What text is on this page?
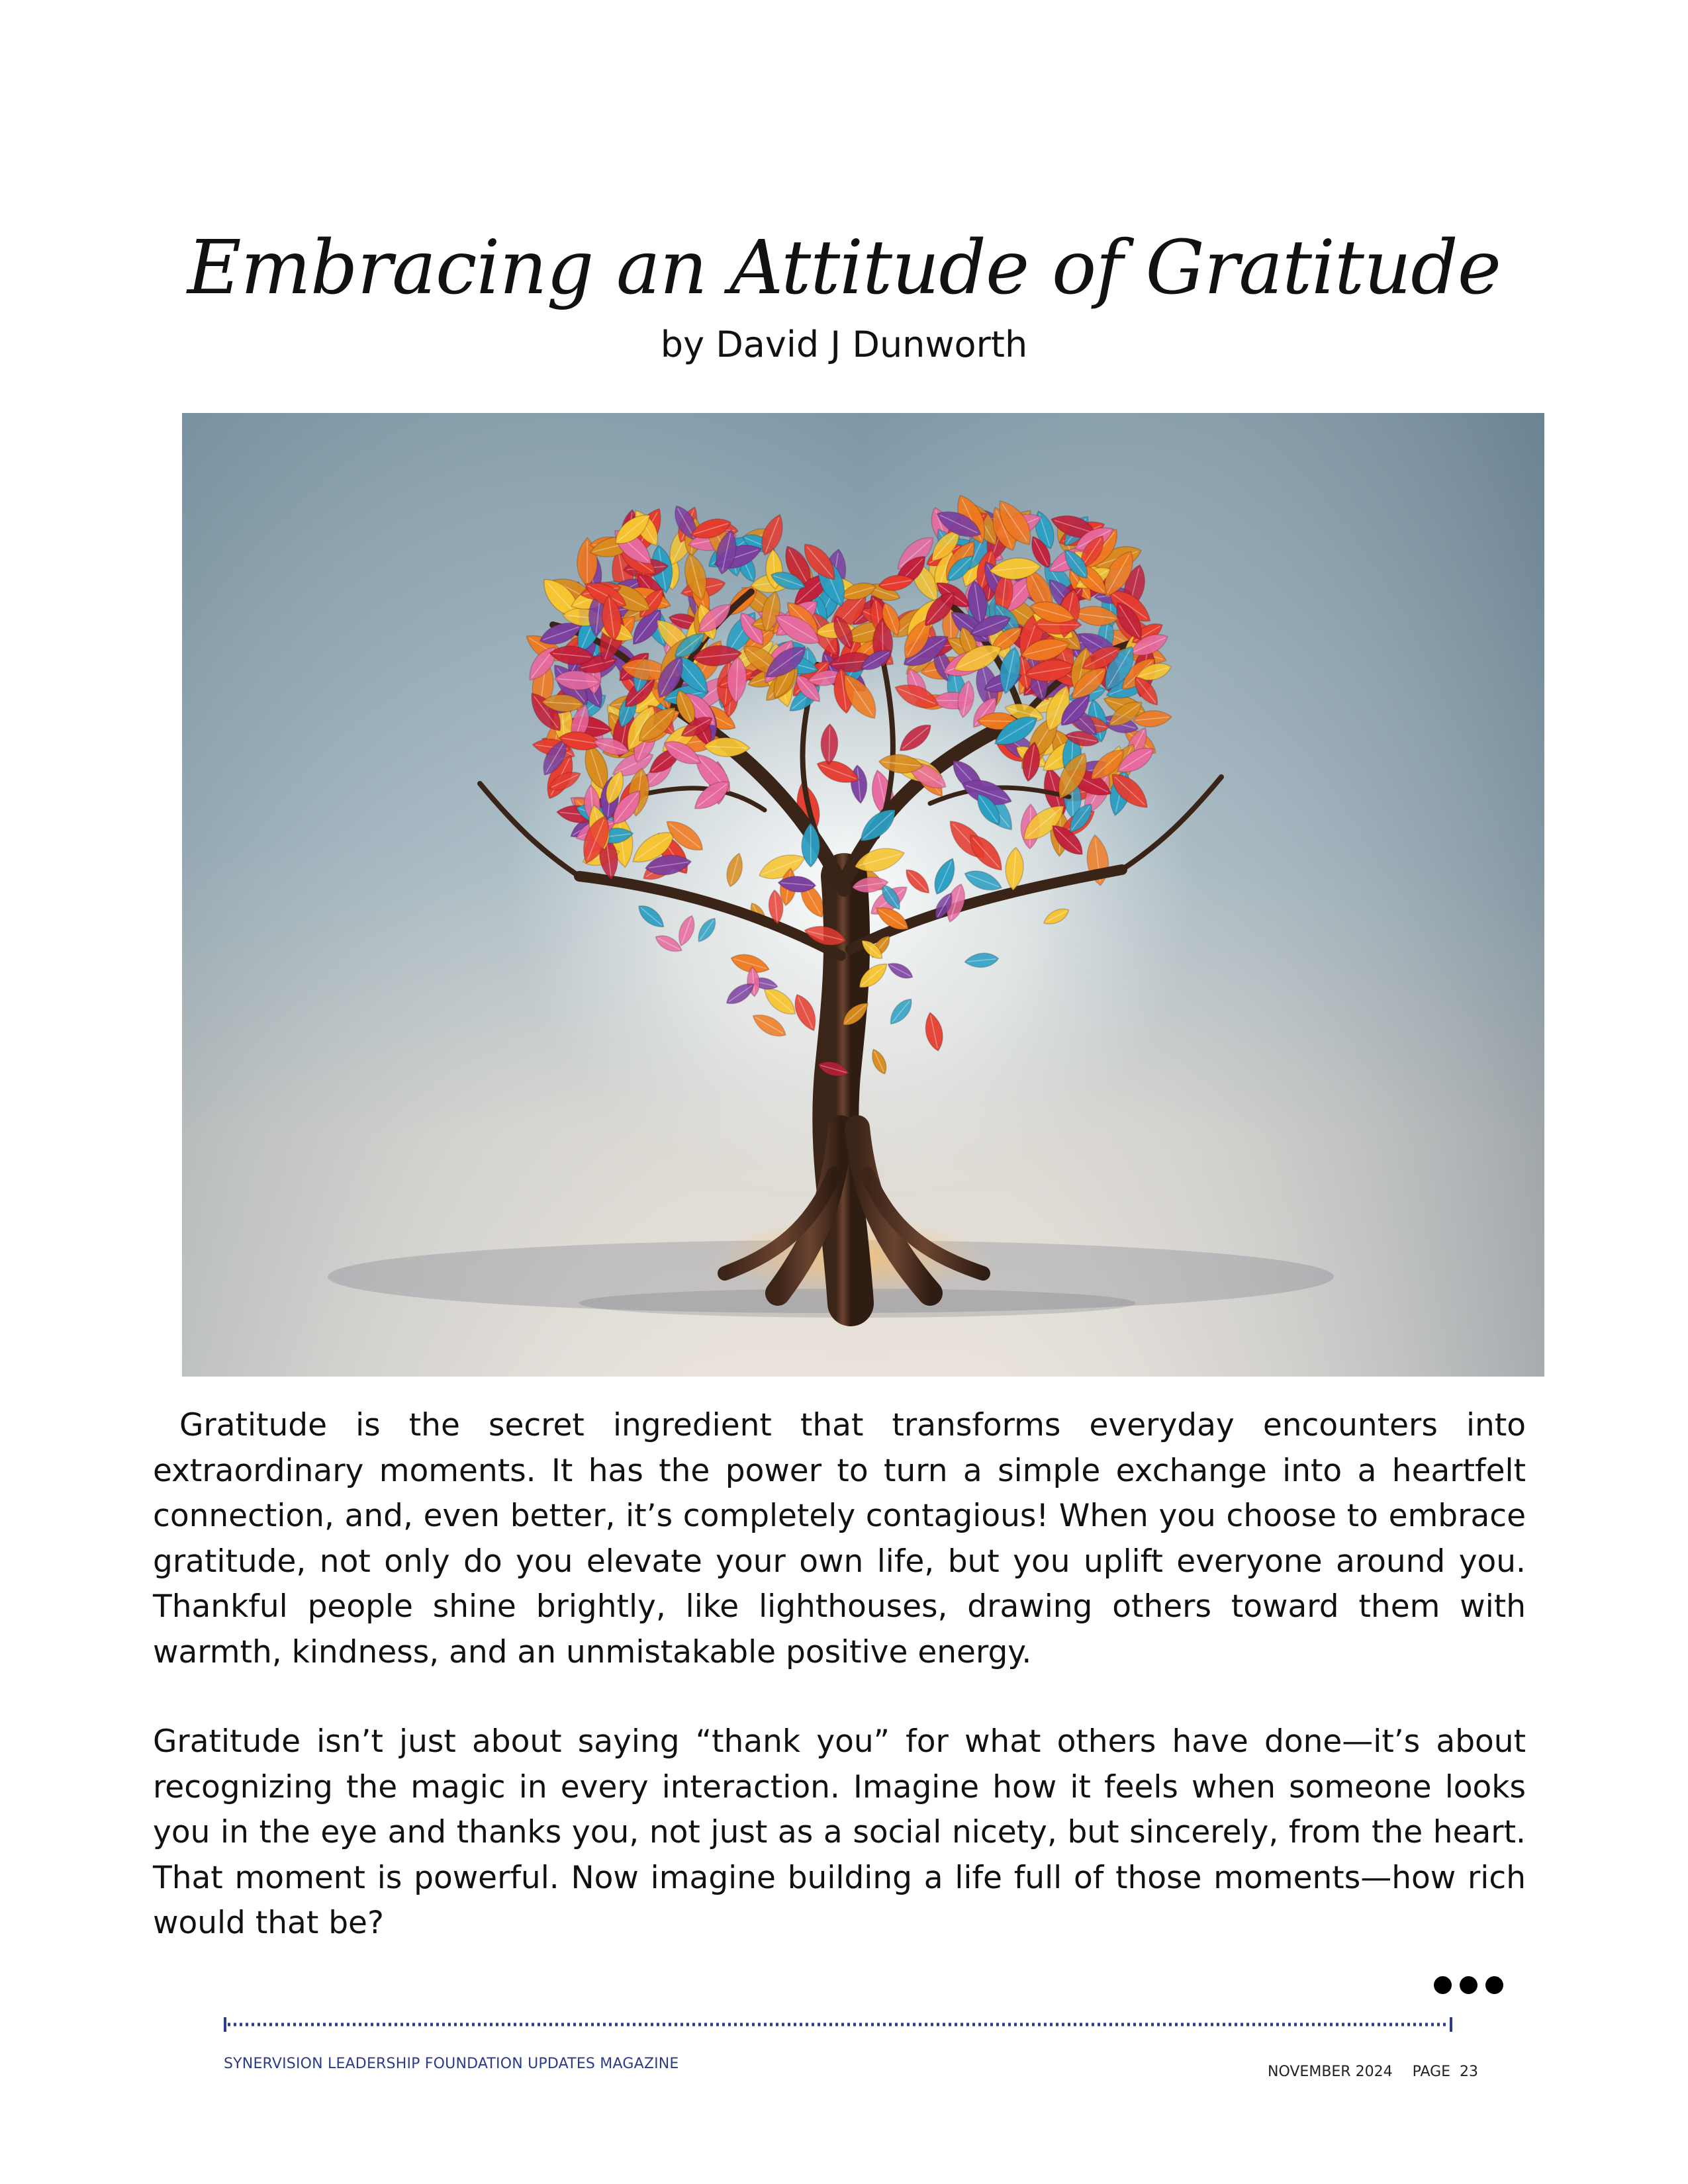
Embracing an Attitude of Gratitude
by David J Dunworth

Gratitude is the secret ingredient that transforms everyday encounters into extraordinary moments. It has the power to turn a simple exchange into a heartfelt connection, and, even better, it’s completely contagious! When you choose to embrace gratitude, not only do you elevate your own life, but you uplift everyone around you. Thankful people shine brightly, like lighthouses, drawing others toward them with warmth, kindness, and an unmistakable positive energy.

Gratitude isn’t just about saying “thank you” for what others have done—it’s about recognizing the magic in every interaction. Imagine how it feels when someone looks you in the eye and thanks you, not just as a social nicety, but sincerely, from the heart. That moment is powerful. Now imagine building a life full of those moments—how rich would that be?

SYNERVISION LEADERSHIP FOUNDATION UPDATES MAGAZINE	NOVEMBER 2024 PAGE  23
